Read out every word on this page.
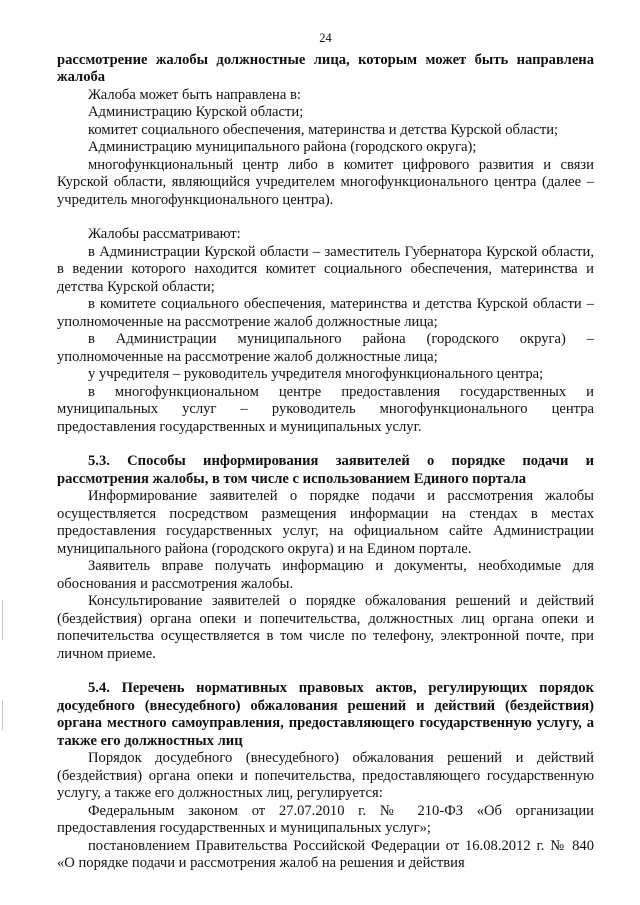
24

рассмотрение жалобы должностные лица, которым может быть направлена жалоба

Жалоба может быть направлена в:

Администрацию Курской области;

комитет социального обеспечения, материнства и детства Курской области;

Администрацию муниципального района (городского округа);

многофункциональный центр либо в комитет цифрового развития и связи Курской области, являющийся учредителем многофункционального центра (далее – учредитель многофункционального центра).

Жалобы рассматривают:

в Администрации Курской области – заместитель Губернатора Курской области, в ведении которого находится комитет социального обеспечения, материнства и детства Курской области;

в комитете социального обеспечения, материнства и детства Курской области – уполномоченные на рассмотрение жалоб должностные лица;

в Администрации муниципального района (городского округа) – уполномоченные на рассмотрение жалоб должностные лица;

у учредителя – руководитель учредителя многофункционального центра;

в многофункциональном центре предоставления государственных и муниципальных услуг – руководитель многофункционального центра предоставления государственных и муниципальных услуг.

5.3. Способы информирования заявителей о порядке подачи и рассмотрения жалобы, в том числе с использованием Единого портала

Информирование заявителей о порядке подачи и рассмотрения жалобы осуществляется посредством размещения информации на стендах в местах предоставления государственных услуг, на официальном сайте Администрации муниципального района (городского округа) и на Едином портале.

Заявитель вправе получать информацию и документы, необходимые для обоснования и рассмотрения жалобы.

Консультирование заявителей о порядке обжалования решений и действий (бездействия) органа опеки и попечительства, должностных лиц органа опеки и попечительства осуществляется в том числе по телефону, электронной почте, при личном приеме.

5.4. Перечень нормативных правовых актов, регулирующих порядок досудебного (внесудебного) обжалования решений и действий (бездействия) органа местного самоуправления, предоставляющего государственную услугу, а также его должностных лиц

Порядок досудебного (внесудебного) обжалования решений и действий (бездействия) органа опеки и попечительства, предоставляющего государственную услугу, а также его должностных лиц, регулируется:

Федеральным законом от 27.07.2010 г. № 210-ФЗ «Об организации предоставления государственных и муниципальных услуг»;

постановлением Правительства Российской Федерации от 16.08.2012 г. № 840 «О порядке подачи и рассмотрения жалоб на решения и действия
